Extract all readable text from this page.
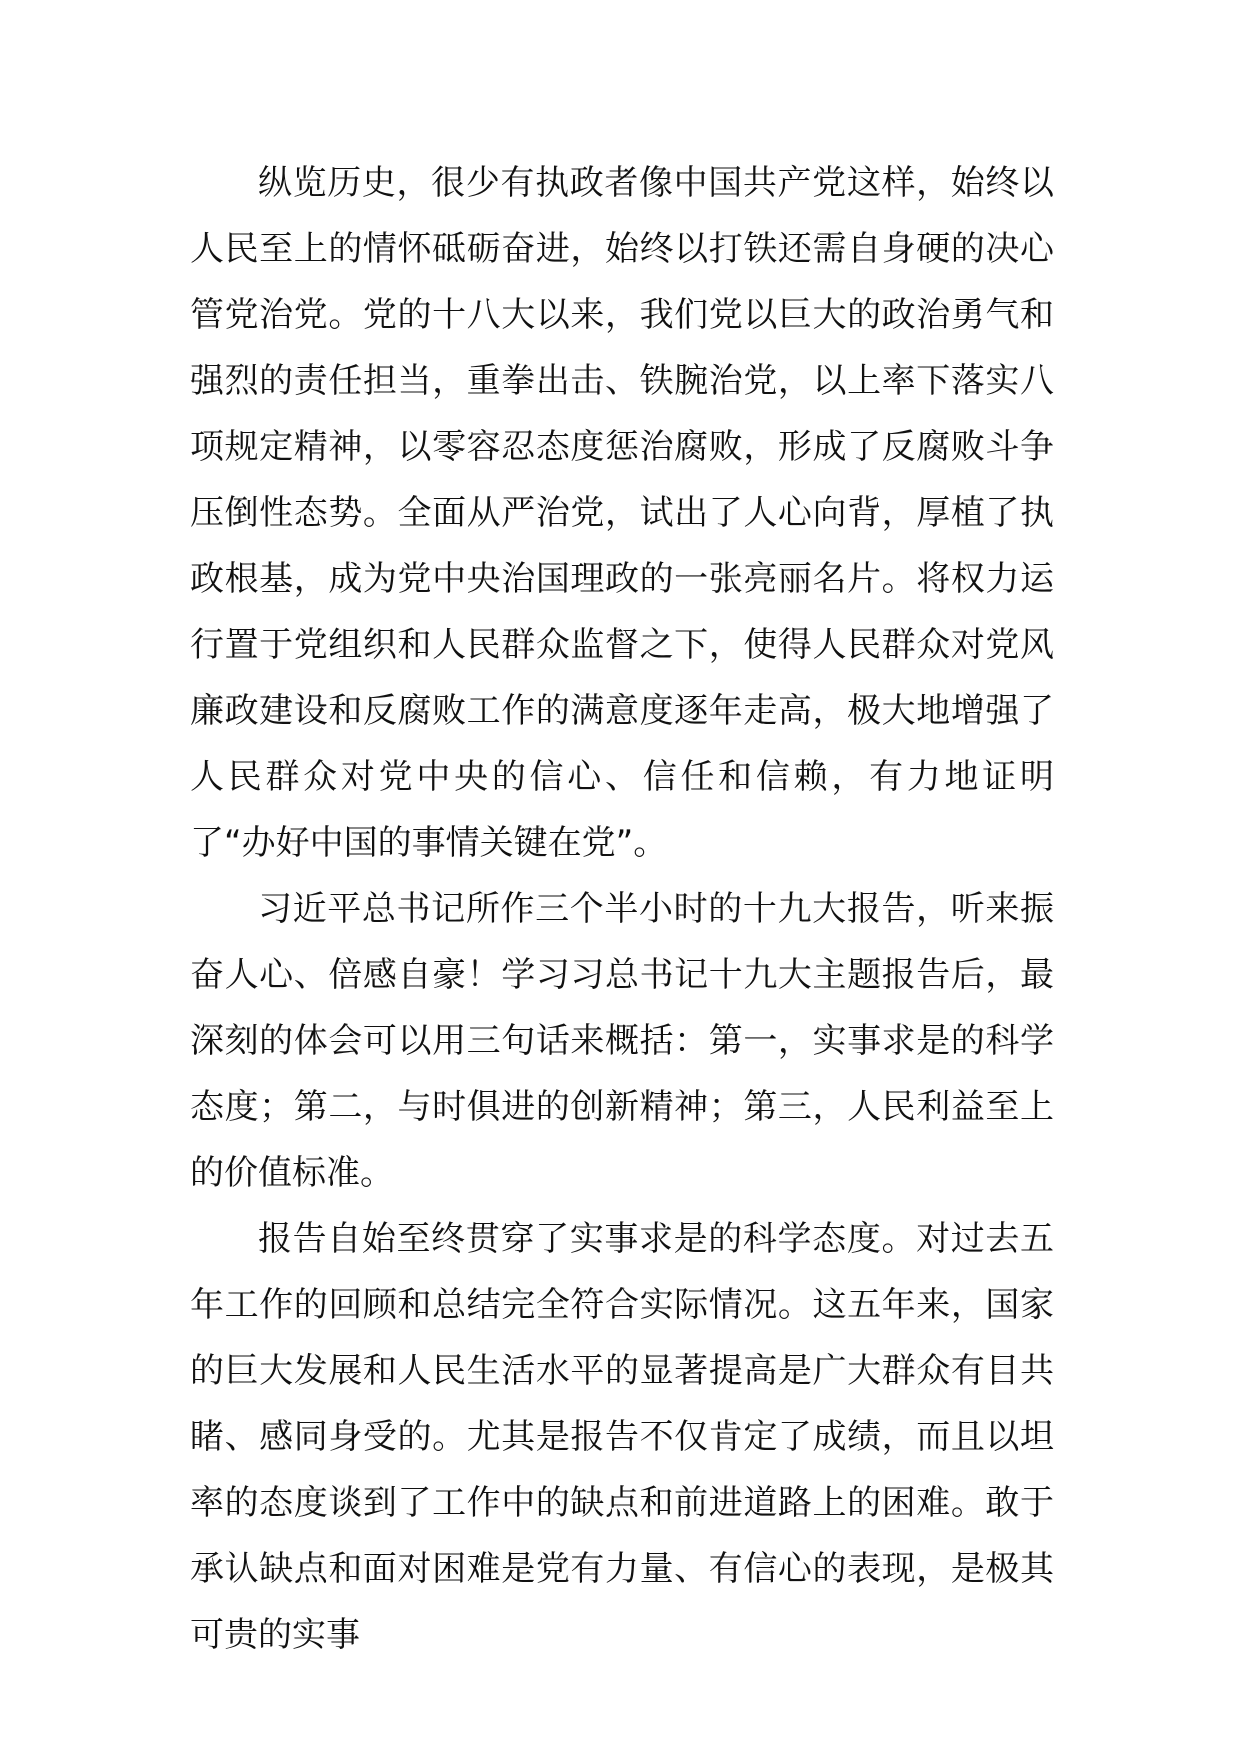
纵览历史，很少有执政者像中国共产党这样，始终以人民至上的情怀砥砺奋进，始终以打铁还需自身硬的决心管党治党。党的十八大以来，我们党以巨大的政治勇气和强烈的责任担当，重拳出击、铁腕治党，以上率下落实八项规定精神，以零容忍态度惩治腐败，形成了反腐败斗争压倒性态势。全面从严治党，试出了人心向背，厚植了执政根基，成为党中央治国理政的一张亮丽名片。将权力运行置于党组织和人民群众监督之下，使得人民群众对党风廉政建设和反腐败工作的满意度逐年走高，极大地增强了人民群众对党中央的信心、信任和信赖，有力地证明了“办好中国的事情关键在党”。

习近平总书记所作三个半小时的十九大报告，听来振奋人心、倍感自豪！学习习总书记十九大主题报告后，最深刻的体会可以用三句话来概括：第一，实事求是的科学态度；第二，与时俱进的创新精神；第三，人民利益至上的价值标准。

报告自始至终贯穿了实事求是的科学态度。对过去五年工作的回顾和总结完全符合实际情况。这五年来，国家的巨大发展和人民生活水平的显著提高是广大群众有目共睹、感同身受的。尤其是报告不仅肯定了成绩，而且以坦率的态度谈到了工作中的缺点和前进道路上的困难。敢于承认缺点和面对困难是党有力量、有信心的表现，是极其可贵的实事
